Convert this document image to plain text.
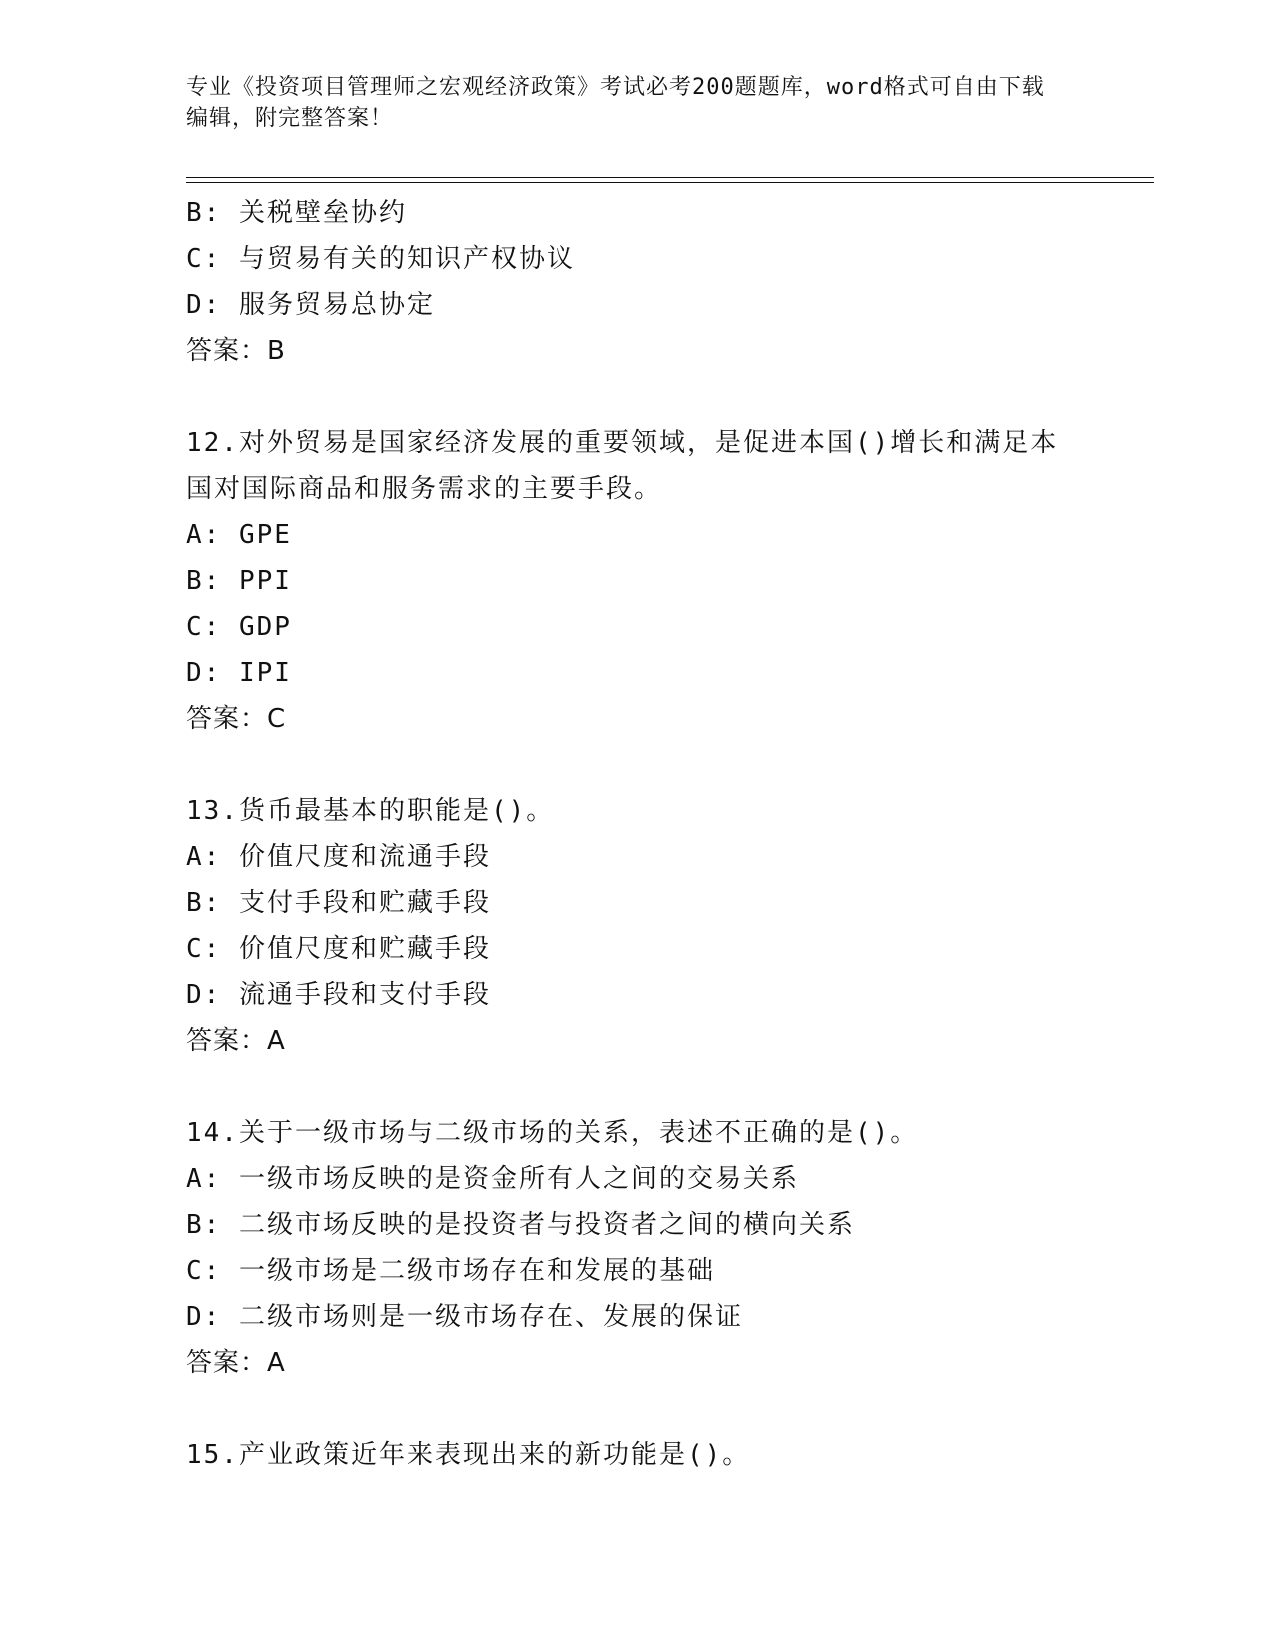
专业《投资项目管理师之宏观经济政策》考试必考200题题库，word格式可自由下载编辑，附完整答案！
B: 关税壁垒协约
C: 与贸易有关的知识产权协议
D: 服务贸易总协定
答案：B
12.对外贸易是国家经济发展的重要领域，是促进本国()增长和满足本国对国际商品和服务需求的主要手段。
A: GPE
B: PPI
C: GDP
D: IPI
答案：C
13.货币最基本的职能是()。
A: 价值尺度和流通手段
B: 支付手段和贮藏手段
C: 价值尺度和贮藏手段
D: 流通手段和支付手段
答案：A
14.关于一级市场与二级市场的关系，表述不正确的是()。
A: 一级市场反映的是资金所有人之间的交易关系
B: 二级市场反映的是投资者与投资者之间的横向关系
C: 一级市场是二级市场存在和发展的基础
D: 二级市场则是一级市场存在、发展的保证
答案：A
15.产业政策近年来表现出来的新功能是()。
